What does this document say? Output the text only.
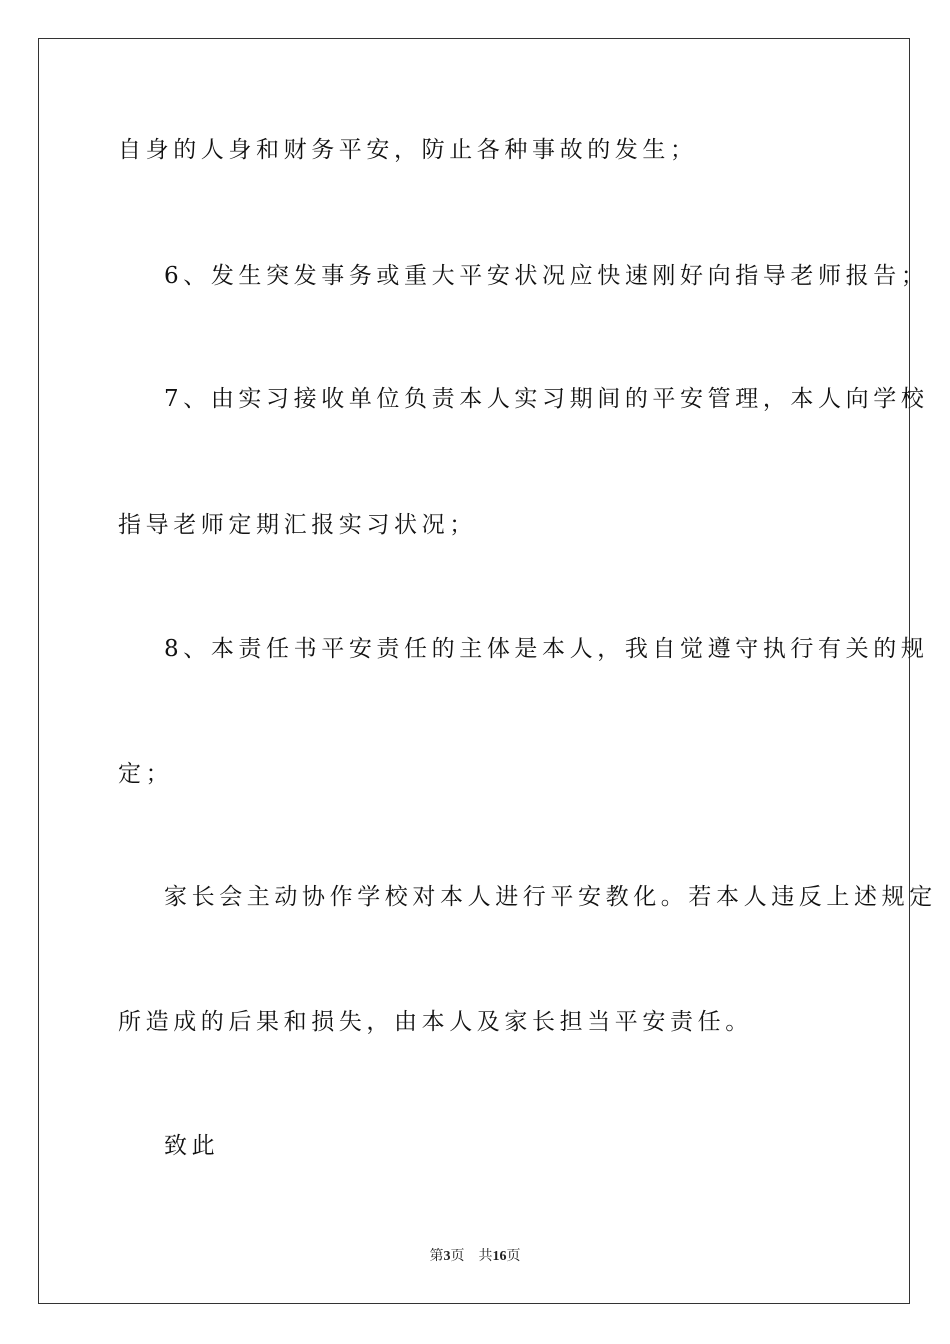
自身的人身和财务平安，防止各种事故的发生；
6、发生突发事务或重大平安状况应快速刚好向指导老师报告；
7、由实习接收单位负责本人实习期间的平安管理，本人向学校
指导老师定期汇报实习状况；
8、本责任书平安责任的主体是本人，我自觉遵守执行有关的规
定；
家长会主动协作学校对本人进行平安教化。若本人违反上述规定
所造成的后果和损失，由本人及家长担当平安责任。
致此
第3页 共16页
